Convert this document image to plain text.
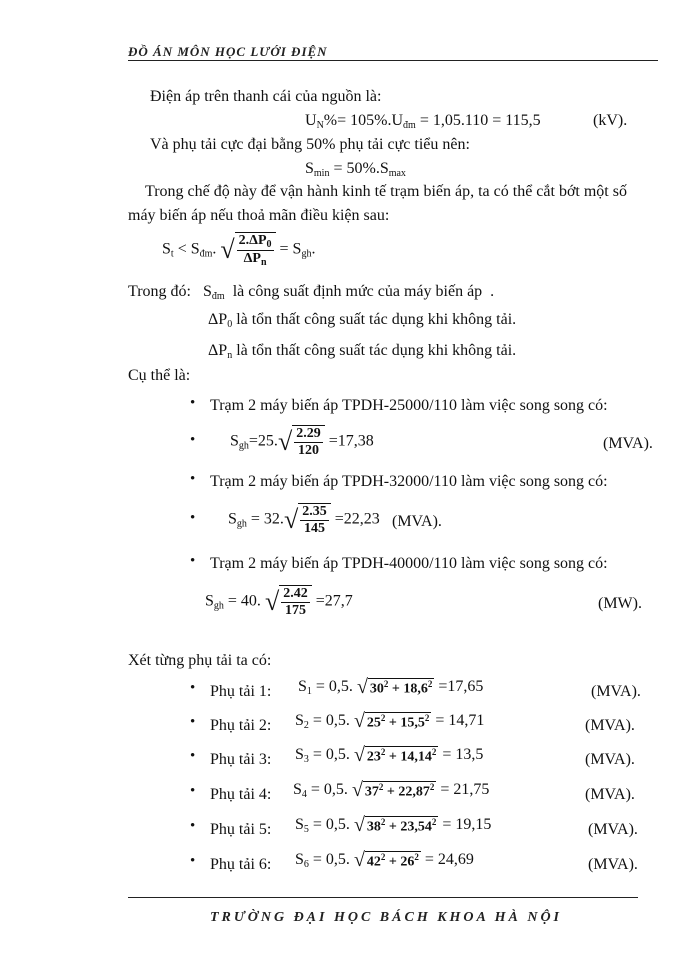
ĐỒ ÁN MÔN HỌC LƯỚI ĐIỆN
Điện áp trên thanh cái của nguồn là:
$U_N\%= 105\%.U_{đm} = 1,05.110 = 115,5$	(kV).
Và phụ tải cực đại bằng 50% phụ tải cực tiểu nên:
$S_{min} = 50\%.S_{max}$
Trong chế độ này để vận hành kinh tế trạm biến áp, ta có thể cắt bớt một số
máy biến áp nếu thoả mãn điều kiện sau:
$S_t < S_{đm}$. √ $\frac{2.\Delta P_0}{\Delta P_n} = S_{gh}$.
Trong đó: $S_{đm}$ là công suất định mức của máy biến áp  .
$\Delta P_0$ là tổn thất công suất tác dụng khi không tải.
$\Delta P_n$ là tổn thất công suất tác dụng khi không tải.
Cụ thể là:
• Trạm 2 máy biến áp TPDH-25000/110 làm việc song song có:
• $S_{gh}=25.√ \frac{2.29}{120} =17,38$	(MVA).
• Trạm 2 máy biến áp TPDH-32000/110 làm việc song song có:
• $S_{gh} = 32.√ \frac{2.35}{145} =22,23$ (MVA).
• Trạm 2 máy biến áp TPDH-40000/110 làm việc song song có:
$S_{gh} = 40$. √ $\frac{2.42}{175} =27,7$	(MW).
Xét từng phụ tải ta có:
• Phụ tải 1: $S_1 = 0,5$. √ $30^2 + 18,6^2 =17,65$	(MVA).
• Phụ tải 2: $S_2 = 0,5$. √ $25^2 + 15,5^2 = 14,71$	(MVA).
• Phụ tải 3: $S_3 = 0,5$. √ $23^2 + 14,14^2 = 13,5$	(MVA).
• Phụ tải 4: $S_4 = 0,5$. √ $37^2 + 22,87^2 = 21,75$	(MVA).
• Phụ tải 5: $S_5 = 0,5$. √ $38^2 + 23,54^2 = 19,15$	(MVA).
• Phụ tải 6: $S_6 = 0,5$. √ $42^2 + 26^2 = 24,69$	(MVA).
TRƯỜNG ĐẠI HỌC BÁCH KHOA HÀ NỘI
